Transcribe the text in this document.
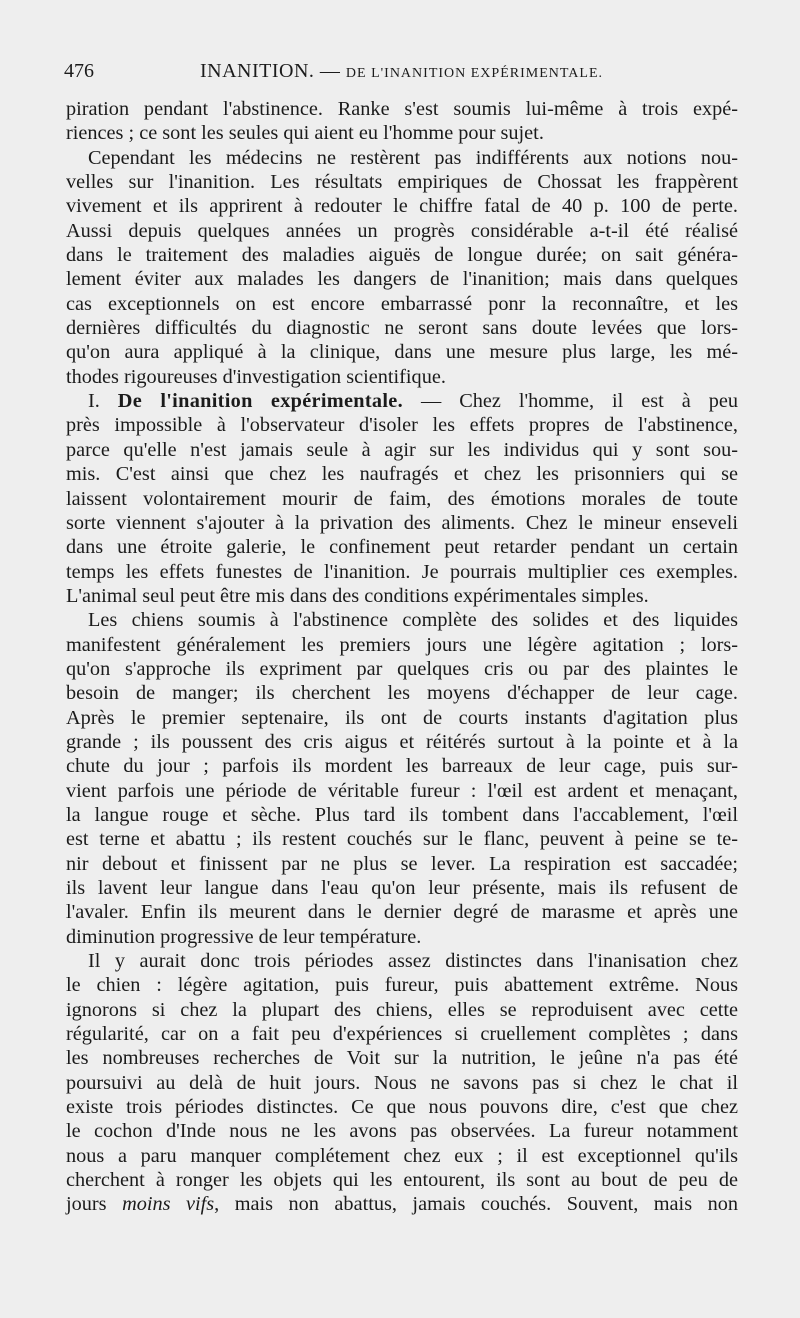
476	INANITION. — DE L'INANITION EXPÉRIMENTALE.

piration pendant l'abstinence. Ranke s'est soumis lui-même à trois expé-
riences ; ce sont les seules qui aient eu l'homme pour sujet.

Cependant les médecins ne restèrent pas indifférents aux notions nou-
velles sur l'inanition. Les résultats empiriques de Chossat les frappèrent
vivement et ils apprirent à redouter le chiffre fatal de 40 p. 100 de perte.
Aussi depuis quelques années un progrès considérable a-t-il été réalisé
dans le traitement des maladies aiguës de longue durée; on sait généra-
lement éviter aux malades les dangers de l'inanition; mais dans quelques
cas exceptionnels on est encore embarrassé ponr la reconnaître, et les
dernières difficultés du diagnostic ne seront sans doute levées que lors-
qu'on aura appliqué à la clinique, dans une mesure plus large, les mé-
thodes rigoureuses d'investigation scientifique.

I. De l'inanition expérimentale. — Chez l'homme, il est à peu
près impossible à l'observateur d'isoler les effets propres de l'abstinence,
parce qu'elle n'est jamais seule à agir sur les individus qui y sont sou-
mis. C'est ainsi que chez les naufragés et chez les prisonniers qui se
laissent volontairement mourir de faim, des émotions morales de toute
sorte viennent s'ajouter à la privation des aliments. Chez le mineur enseveli
dans une étroite galerie, le confinement peut retarder pendant un certain
temps les effets funestes de l'inanition. Je pourrais multiplier ces exemples.
L'animal seul peut être mis dans des conditions expérimentales simples.

Les chiens soumis à l'abstinence complète des solides et des liquides
manifestent généralement les premiers jours une légère agitation ; lors-
qu'on s'approche ils expriment par quelques cris ou par des plaintes le
besoin de manger; ils cherchent les moyens d'échapper de leur cage.
Après le premier septenaire, ils ont de courts instants d'agitation plus
grande ; ils poussent des cris aigus et réitérés surtout à la pointe et à la
chute du jour ; parfois ils mordent les barreaux de leur cage, puis sur-
vient parfois une période de véritable fureur : l'œil est ardent et menaçant,
la langue rouge et sèche. Plus tard ils tombent dans l'accablement, l'œil
est terne et abattu ; ils restent couchés sur le flanc, peuvent à peine se te-
nir debout et finissent par ne plus se lever. La respiration est saccadée;
ils lavent leur langue dans l'eau qu'on leur présente, mais ils refusent de
l'avaler. Enfin ils meurent dans le dernier degré de marasme et après une
diminution progressive de leur température.

Il y aurait donc trois périodes assez distinctes dans l'inanisation chez
le chien : légère agitation, puis fureur, puis abattement extrême. Nous
ignorons si chez la plupart des chiens, elles se reproduisent avec cette
régularité, car on a fait peu d'expériences si cruellement complètes ; dans
les nombreuses recherches de Voit sur la nutrition, le jeûne n'a pas été
poursuivi au delà de huit jours. Nous ne savons pas si chez le chat il
existe trois périodes distinctes. Ce que nous pouvons dire, c'est que chez
le cochon d'Inde nous ne les avons pas observées. La fureur notamment
nous a paru manquer complétement chez eux ; il est exceptionnel qu'ils
cherchent à ronger les objets qui les entourent, ils sont au bout de peu de
jours moins vifs, mais non abattus, jamais couchés. Souvent, mais non
